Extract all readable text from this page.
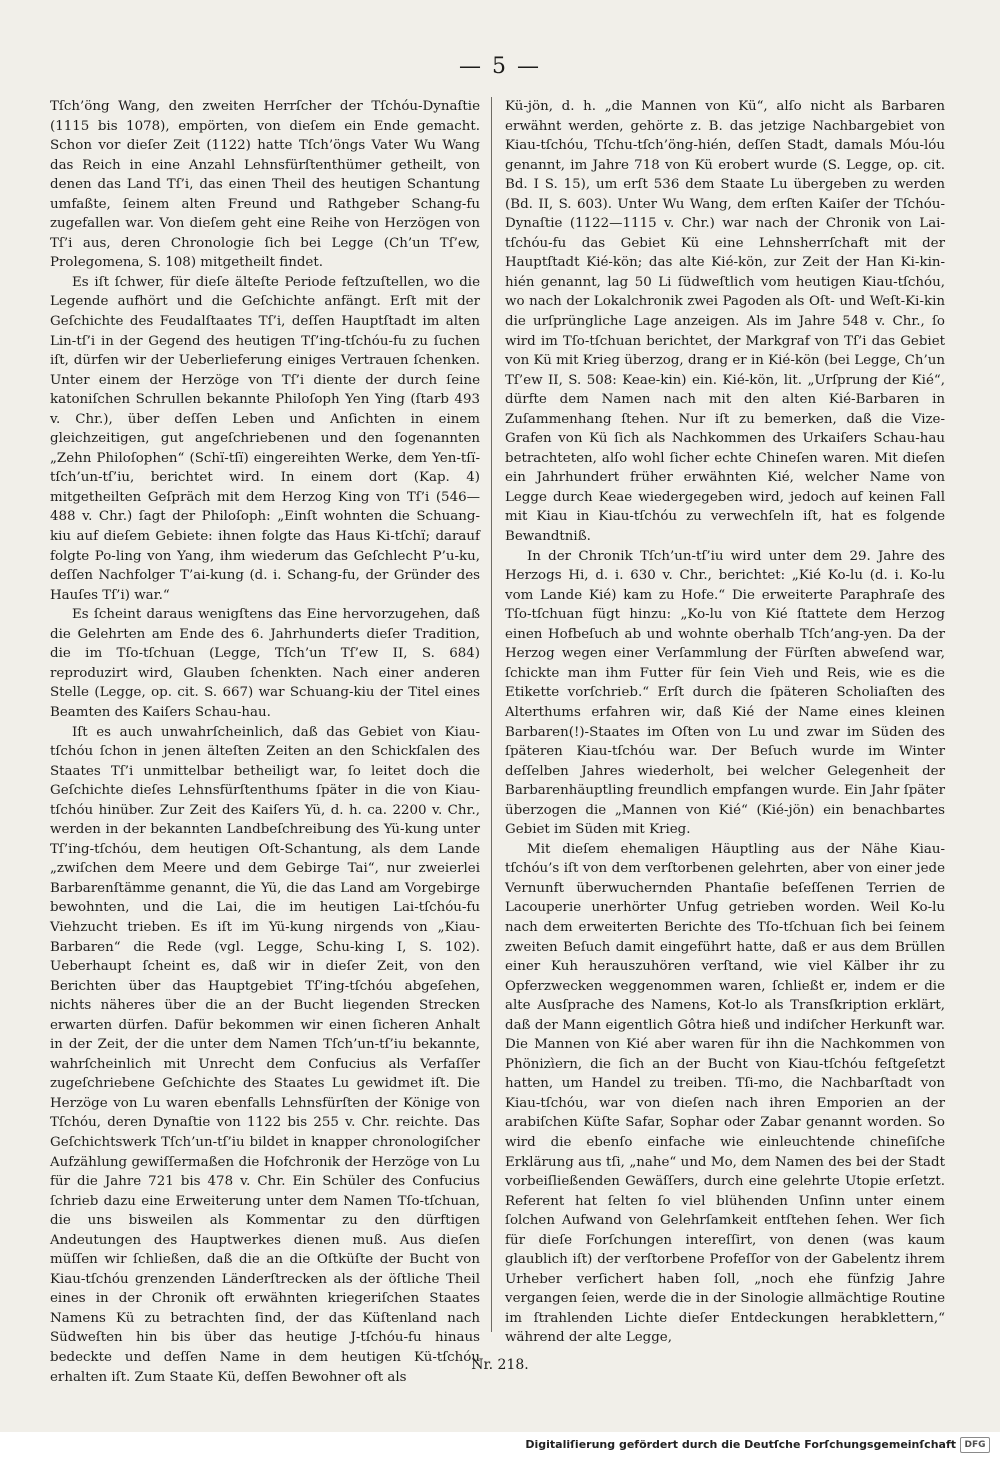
— 5 —

Tſch’öng Wang, den zweiten Herrſcher der Tſchóu-Dynaſtie (1115 bis 1078), empörten, von dieſem ein Ende gemacht. Schon vor dieſer Zeit (1122) hatte Tſch’öngs Vater Wu Wang das Reich in eine Anzahl Lehnsfürſtenthümer getheilt, von denen das Land Tſ’i, das einen Theil des heutigen Schantung umfaßte, ſeinem alten Freund und Rathgeber Schang-fu zugefallen war. Von dieſem geht eine Reihe von Herzögen von Tſ’i aus, deren Chronologie ſich bei Legge (Ch’un Tſ’ew, Prolegomena, S. 108) mitgetheilt findet.

Es iſt ſchwer, für dieſe älteſte Periode feſtzuſtellen, wo die Legende aufhört und die Geſchichte anfängt. Erſt mit der Geſchichte des Feudalſtaates Tſ’i, deſſen Hauptſtadt im alten Lin-tſ’i in der Gegend des heutigen Tſ’ing-tſchóu-fu zu ſuchen iſt, dürfen wir der Ueberlieferung einiges Vertrauen ſchenken. Unter einem der Herzöge von Tſ’i diente der durch ſeine katoniſchen Schrullen bekannte Philoſoph Yen Ying (ſtarb 493 v. Chr.), über deſſen Leben und Anſichten in einem gleichzeitigen, gut angeſchriebenen und den ſogenannten „Zehn Philoſophen“ (Schï-tſï) eingereihten Werke, dem Yen-tſï-tſch’un-tſ’iu, berichtet wird. In einem dort (Kap. 4) mitgetheilten Geſpräch mit dem Herzog King von Tſ’i (546—488 v. Chr.) ſagt der Philoſoph: „Einſt wohnten die Schuang-kiu auf dieſem Gebiete: ihnen folgte das Haus Ki-tſchï; darauf folgte Po-ling von Yang, ihm wiederum das Geſchlecht P’u-ku, deſſen Nachfolger T’ai-kung (d. i. Schang-fu, der Gründer des Hauſes Tſ’i) war.“

Es ſcheint daraus wenigſtens das Eine hervorzugehen, daß die Gelehrten am Ende des 6. Jahrhunderts dieſer Tradition, die im Tſo-tſchuan (Legge, Tſch’un Tſ’ew II, S. 684) reproduzirt wird, Glauben ſchenkten. Nach einer anderen Stelle (Legge, op. cit. S. 667) war Schuang-kiu der Titel eines Beamten des Kaiſers Schau-hau.

Iſt es auch unwahrſcheinlich, daß das Gebiet von Kiau-tſchóu ſchon in jenen älteſten Zeiten an den Schickſalen des Staates Tſ’i unmittelbar betheiligt war, ſo leitet doch die Geſchichte dieſes Lehnsfürſtenthums ſpäter in die von Kiau-tſchóu hinüber. Zur Zeit des Kaiſers Yü, d. h. ca. 2200 v. Chr., werden in der bekannten Landbeſchreibung des Yü-kung unter Tſ’ing-tſchóu, dem heutigen Oſt-Schantung, als dem Lande „zwiſchen dem Meere und dem Gebirge Tai“, nur zweierlei Barbarenſtämme genannt, die Yü, die das Land am Vorgebirge bewohnten, und die Lai, die im heutigen Lai-tſchóu-fu Viehzucht trieben. Es iſt im Yü-kung nirgends von „Kiau-Barbaren“ die Rede (vgl. Legge, Schu-king I, S. 102). Ueberhaupt ſcheint es, daß wir in dieſer Zeit, von den Berichten über das Hauptgebiet Tſ’ing-tſchóu abgeſehen, nichts näheres über die an der Bucht liegenden Strecken erwarten dürfen. Dafür bekommen wir einen ſicheren Anhalt in der Zeit, der die unter dem Namen Tſch’un-tſ’iu bekannte, wahrſcheinlich mit Unrecht dem Confucius als Verfaſſer zugeſchriebene Geſchichte des Staates Lu gewidmet iſt. Die Herzöge von Lu waren ebenfalls Lehnsfürſten der Könige von Tſchóu, deren Dynaſtie von 1122 bis 255 v. Chr. reichte. Das Geſchichtswerk Tſch’un-tſ’iu bildet in knapper chronologiſcher Aufzählung gewiſſermaßen die Hofchronik der Herzöge von Lu für die Jahre 721 bis 478 v. Chr. Ein Schüler des Confucius ſchrieb dazu eine Erweiterung unter dem Namen Tſo-tſchuan, die uns bisweilen als Kommentar zu den dürftigen Andeutungen des Hauptwerkes dienen muß. Aus dieſen müſſen wir ſchließen, daß die an die Oſtküſte der Bucht von Kiau-tſchóu grenzenden Länderſtrecken als der öſtliche Theil eines in der Chronik oft erwähnten kriegeriſchen Staates Namens Kü zu betrachten ſind, der das Küſtenland nach Südweſten hin bis über das heutige J-tſchóu-fu hinaus bedeckte und deſſen Name in dem heutigen Kü-tſchóu erhalten iſt. Zum Staate Kü, deſſen Bewohner oft als

Kü-jön, d. h. „die Mannen von Kü“, alſo nicht als Barbaren erwähnt werden, gehörte z. B. das jetzige Nachbargebiet von Kiau-tſchóu, Tſchu-tſch’öng-hién, deſſen Stadt, damals Móu-lóu genannt, im Jahre 718 von Kü erobert wurde (S. Legge, op. cit. Bd. I S. 15), um erſt 536 dem Staate Lu übergeben zu werden (Bd. II, S. 603). Unter Wu Wang, dem erſten Kaiſer der Tſchóu-Dynaſtie (1122—1115 v. Chr.) war nach der Chronik von Lai-tſchóu-fu das Gebiet Kü eine Lehnsherrſchaft mit der Hauptſtadt Kié-kön; das alte Kié-kön, zur Zeit der Han Ki-kin-hién genannt, lag 50 Li ſüdweſtlich vom heutigen Kiau-tſchóu, wo nach der Lokalchronik zwei Pagoden als Oſt- und Weſt-Ki-kin die urſprüngliche Lage anzeigen. Als im Jahre 548 v. Chr., ſo wird im Tſo-tſchuan berichtet, der Markgraf von Tſ’i das Gebiet von Kü mit Krieg überzog, drang er in Kié-kön (bei Legge, Ch’un Tſ’ew II, S. 508: Keae-kin) ein. Kié-kön, lit. „Urſprung der Kié“, dürfte dem Namen nach mit den alten Kié-Barbaren in Zuſammenhang ſtehen. Nur iſt zu bemerken, daß die Vize-Grafen von Kü ſich als Nachkommen des Urkaiſers Schau-hau betrachteten, alſo wohl ſicher echte Chineſen waren. Mit dieſen ein Jahrhundert früher erwähnten Kié, welcher Name von Legge durch Keae wiedergegeben wird, jedoch auf keinen Fall mit Kiau in Kiau-tſchóu zu verwechſeln iſt, hat es folgende Bewandtniß.

In der Chronik Tſch’un-tſ’iu wird unter dem 29. Jahre des Herzogs Hi, d. i. 630 v. Chr., berichtet: „Kié Ko-lu (d. i. Ko-lu vom Lande Kié) kam zu Hofe.“ Die erweiterte Paraphraſe des Tſo-tſchuan fügt hinzu: „Ko-lu von Kié ſtattete dem Herzog einen Hofbeſuch ab und wohnte oberhalb Tſch’ang-yen. Da der Herzog wegen einer Verſammlung der Fürſten abweſend war, ſchickte man ihm Futter für ſein Vieh und Reis, wie es die Etikette vorſchrieb.“ Erſt durch die ſpäteren Scholiaſten des Alterthums erfahren wir, daß Kié der Name eines kleinen Barbaren(!)-Staates im Oſten von Lu und zwar im Süden des ſpäteren Kiau-tſchóu war. Der Beſuch wurde im Winter deſſelben Jahres wiederholt, bei welcher Gelegenheit der Barbarenhäuptling freundlich empfangen wurde. Ein Jahr ſpäter überzogen die „Mannen von Kié“ (Kié-jön) ein benachbartes Gebiet im Süden mit Krieg.

Mit dieſem ehemaligen Häuptling aus der Nähe Kiau-tſchóu’s iſt von dem verſtorbenen gelehrten, aber von einer jede Vernunft überwuchernden Phantaſie beſeſſenen Terrien de Lacouperie unerhörter Unfug getrieben worden. Weil Ko-lu nach dem erweiterten Berichte des Tſo-tſchuan ſich bei ſeinem zweiten Beſuch damit eingeführt hatte, daß er aus dem Brüllen einer Kuh herauszuhören verſtand, wie viel Kälber ihr zu Opferzwecken weggenommen waren, ſchließt er, indem er die alte Ausſprache des Namens, Kot-lo als Transſkription erklärt, daß der Mann eigentlich Gôtra hieß und indiſcher Herkunft war. Die Mannen von Kié aber waren für ihn die Nachkommen von Phönizìern, die ſich an der Bucht von Kiau-tſchóu feſtgeſetzt hatten, um Handel zu treiben. Tſi-mo, die Nachbarſtadt von Kiau-tſchóu, war von dieſen nach ihren Emporien an der arabiſchen Küſte Safar, Sophar oder Zabar genannt worden. So wird die ebenſo einfache wie einleuchtende chineſiſche Erklärung aus tſi, „nahe“ und Mo, dem Namen des bei der Stadt vorbeiſließenden Gewäſſers, durch eine gelehrte Utopie erſetzt. Referent hat ſelten ſo viel blühenden Unſinn unter einem ſolchen Aufwand von Gelehrſamkeit entſtehen ſehen. Wer ſich für dieſe Forſchungen intereſſirt, von denen (was kaum glaublich iſt) der verſtorbene Profeſſor von der Gabelentz ihrem Urheber verſichert haben ſoll, „noch ehe fünfzig Jahre vergangen ſeien, werde die in der Sinologie allmächtige Routine im ſtrahlenden Lichte dieſer Entdeckungen herabklettern,“ während der alte Legge,

Nr. 218.
Digitaliſierung gefördert durch die Deutſche Forſchungsgemeinſchaft DFG
